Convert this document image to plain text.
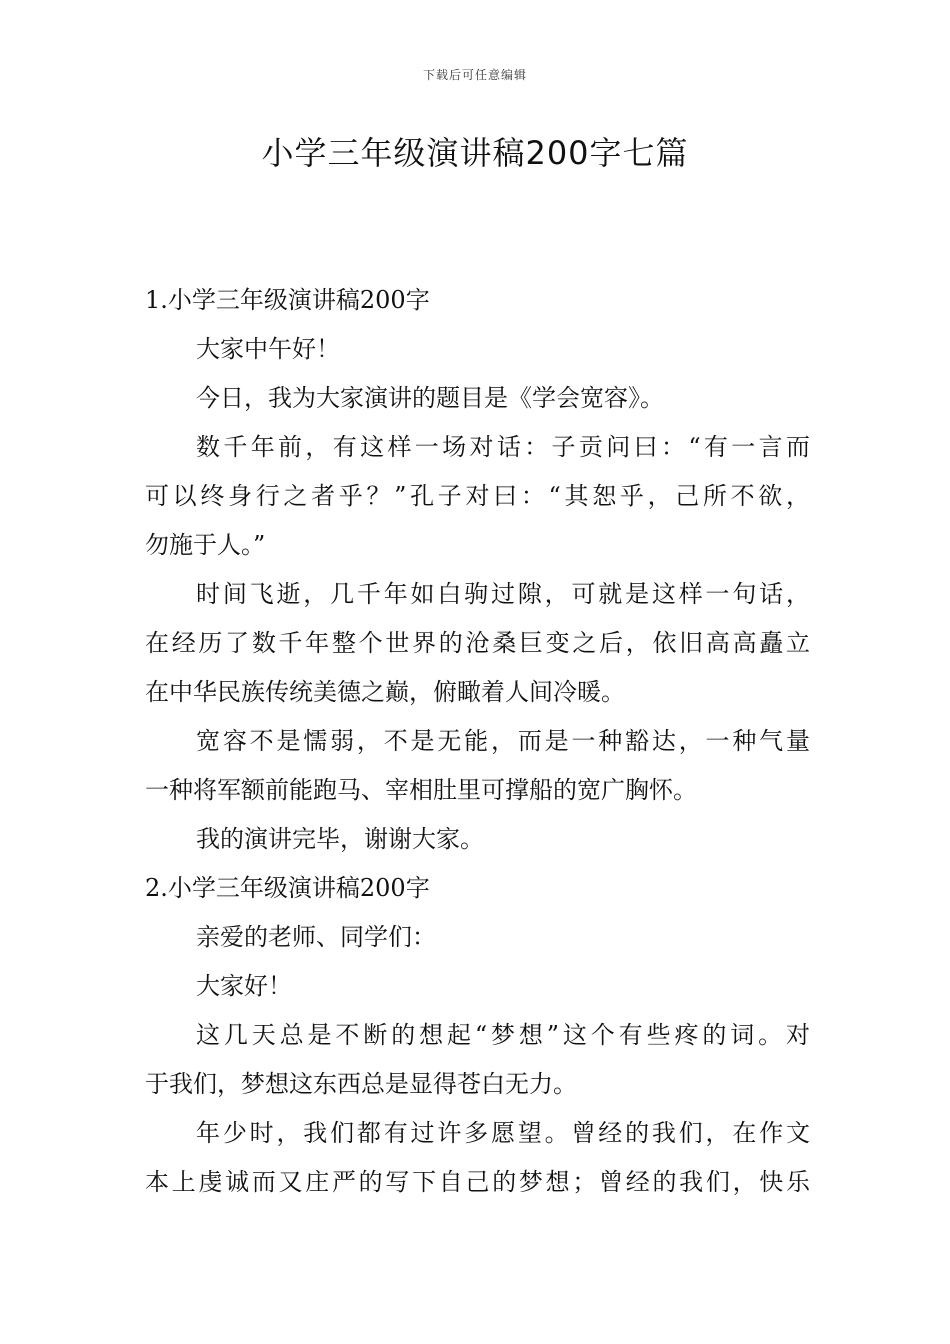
下载后可任意编辑
小学三年级演讲稿200字七篇
1.小学三年级演讲稿200字
大家中午好！
今日，我为大家演讲的题目是《学会宽容》。
数千年前，有这样一场对话：子贡问曰：“有一言而
可以终身行之者乎？”孔子对曰：“其恕乎，己所不欲，
勿施于人。”
时间飞逝，几千年如白驹过隙，可就是这样一句话，
在经历了数千年整个世界的沧桑巨变之后，依旧高高矗立
在中华民族传统美德之巅，俯瞰着人间冷暖。
宽容不是懦弱，不是无能，而是一种豁达，一种气量
一种将军额前能跑马、宰相肚里可撑船的宽广胸怀。
我的演讲完毕，谢谢大家。
2.小学三年级演讲稿200字
亲爱的老师、同学们：
大家好！
这几天总是不断的想起“梦想”这个有些疼的词。对
于我们，梦想这东西总是显得苍白无力。
年少时，我们都有过许多愿望。曾经的我们，在作文
本上虔诚而又庄严的写下自己的梦想；曾经的我们，快乐
